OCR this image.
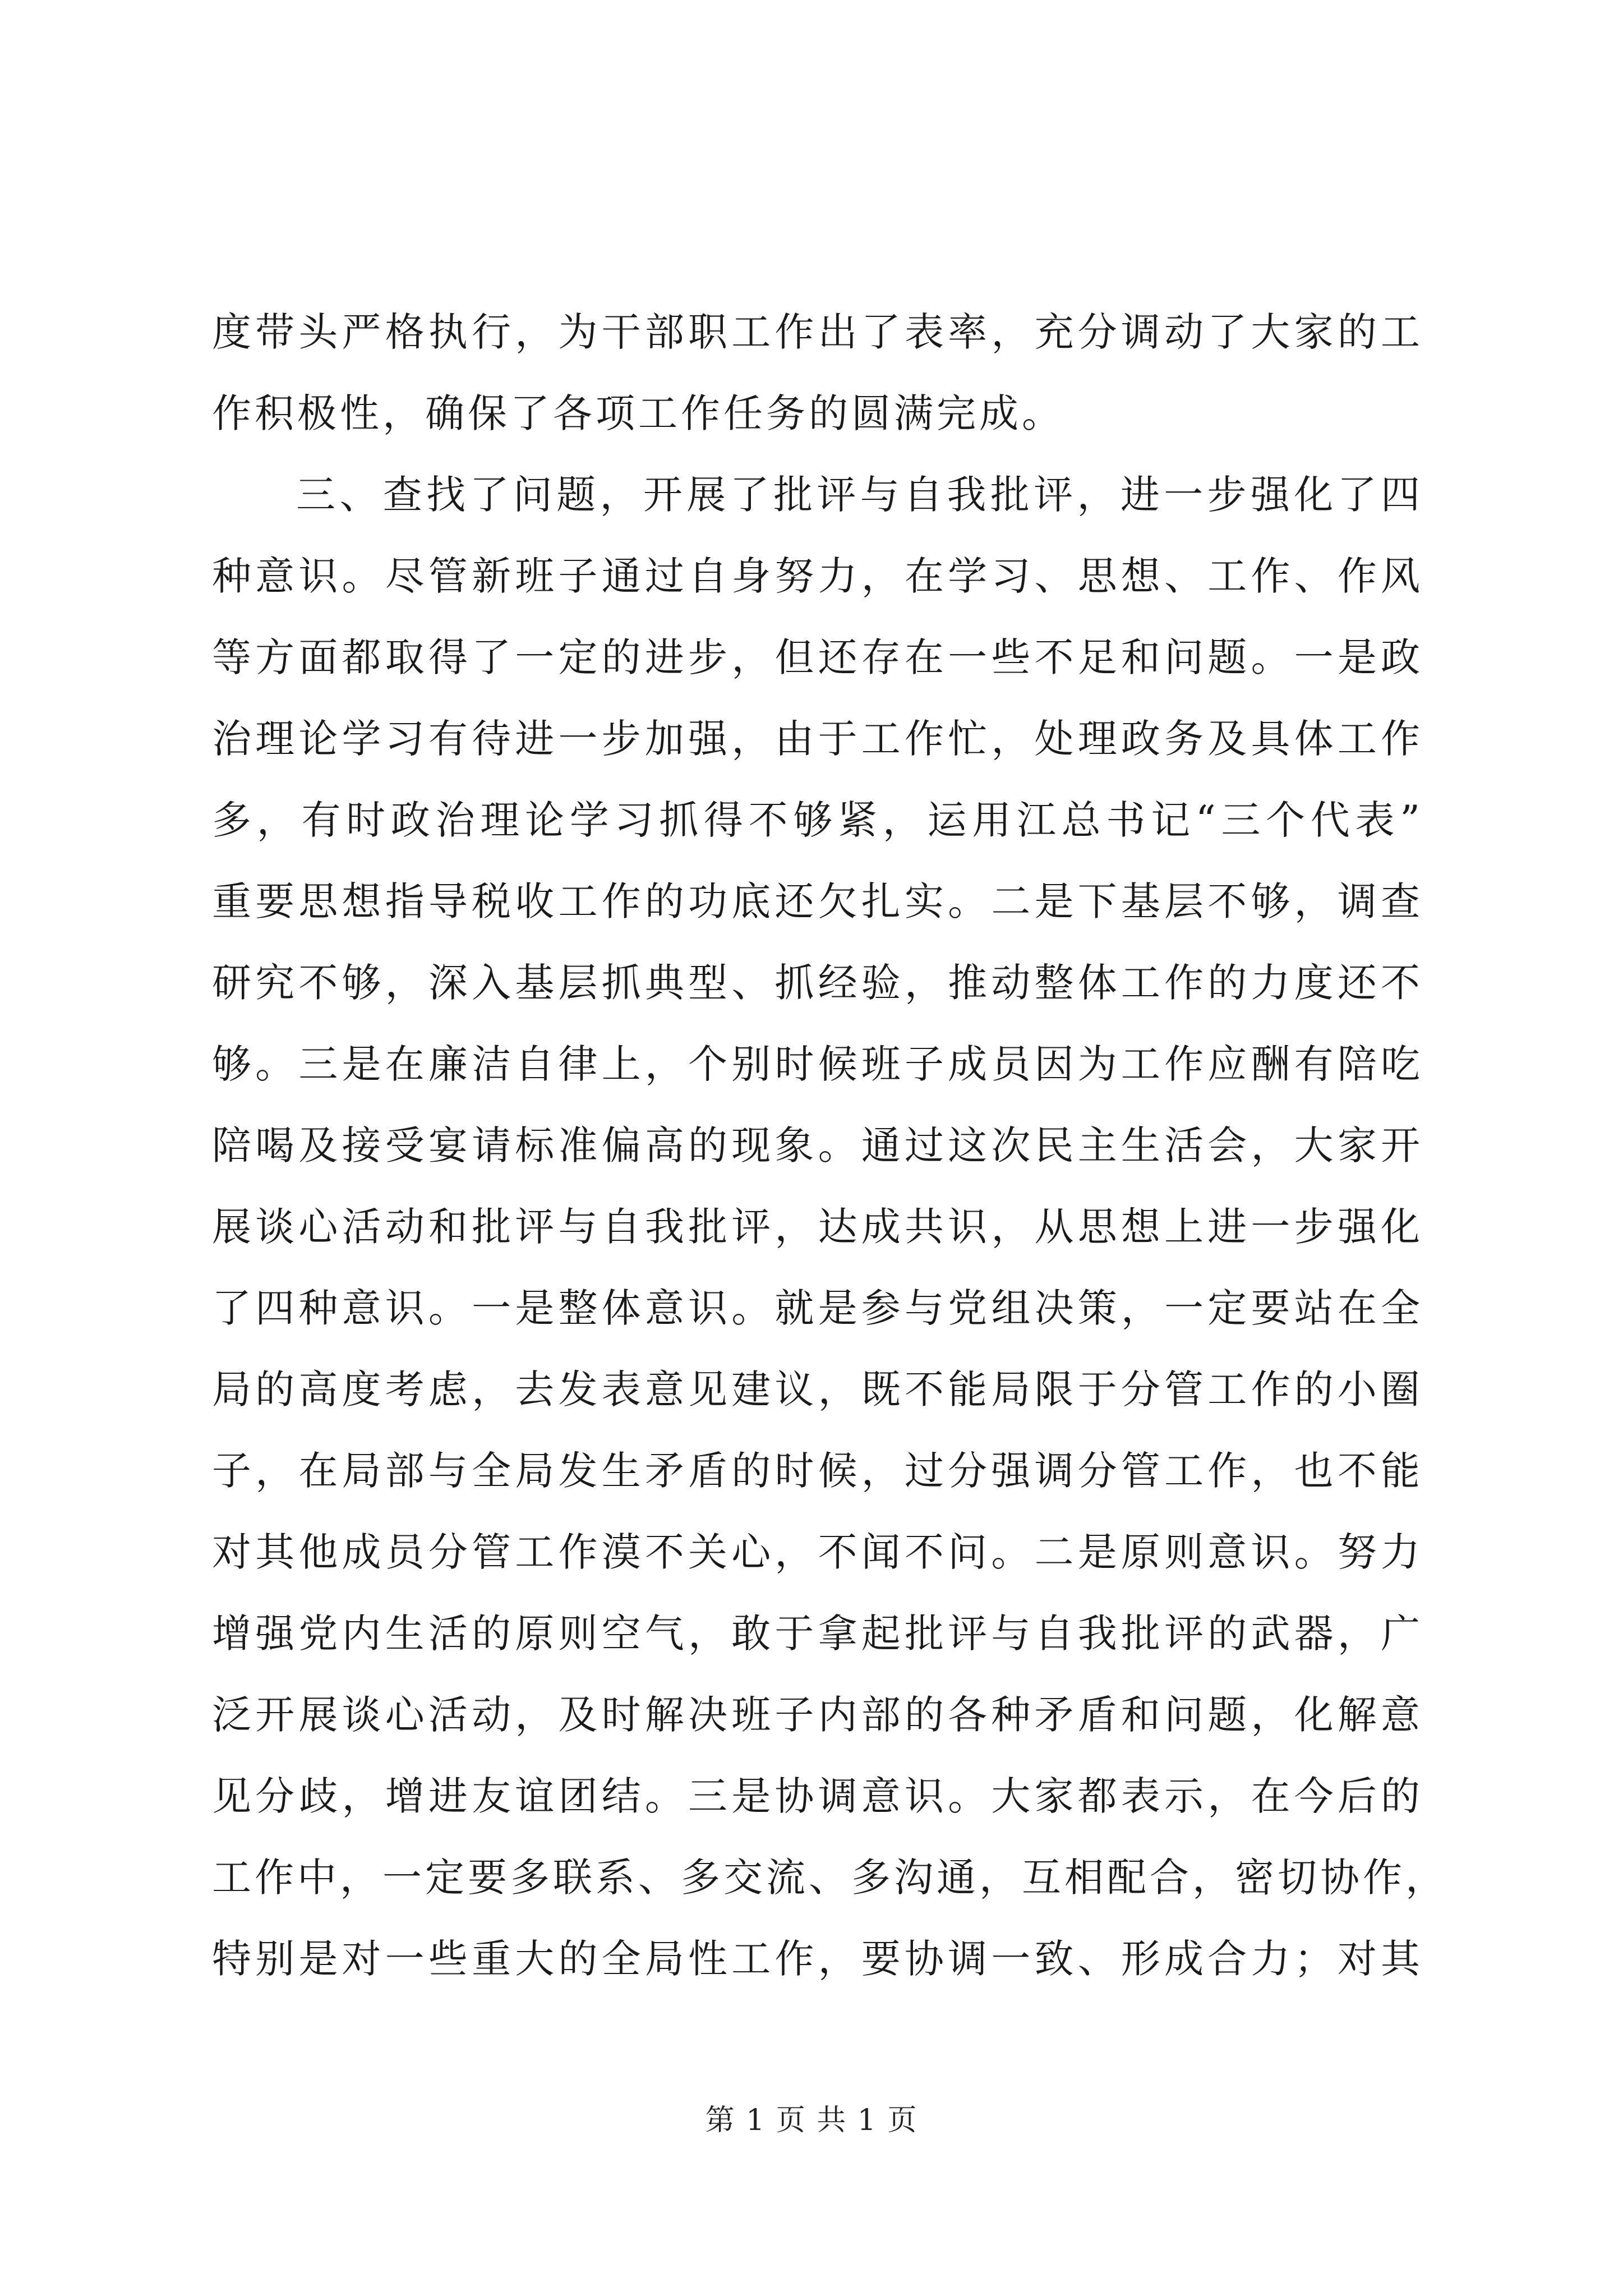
度带头严格执行，为干部职工作出了表率，充分调动了大家的工
作积极性，确保了各项工作任务的圆满完成。
三、查找了问题，开展了批评与自我批评，进一步强化了四
种意识。尽管新班子通过自身努力，在学习、思想、工作、作风
等方面都取得了一定的进步，但还存在一些不足和问题。一是政
治理论学习有待进一步加强，由于工作忙，处理政务及具体工作
多，有时政治理论学习抓得不够紧，运用江总书记“三个代表”
重要思想指导税收工作的功底还欠扎实。二是下基层不够，调查
研究不够，深入基层抓典型、抓经验，推动整体工作的力度还不
够。三是在廉洁自律上，个别时候班子成员因为工作应酬有陪吃
陪喝及接受宴请标准偏高的现象。通过这次民主生活会，大家开
展谈心活动和批评与自我批评，达成共识，从思想上进一步强化
了四种意识。一是整体意识。就是参与党组决策，一定要站在全
局的高度考虑，去发表意见建议，既不能局限于分管工作的小圈
子，在局部与全局发生矛盾的时候，过分强调分管工作，也不能
对其他成员分管工作漠不关心，不闻不问。二是原则意识。努力
增强党内生活的原则空气，敢于拿起批评与自我批评的武器，广
泛开展谈心活动，及时解决班子内部的各种矛盾和问题，化解意
见分歧，增进友谊团结。三是协调意识。大家都表示，在今后的
工作中，一定要多联系、多交流、多沟通，互相配合，密切协作，
特别是对一些重大的全局性工作，要协调一致、形成合力；对其
第 1 页 共 1 页
